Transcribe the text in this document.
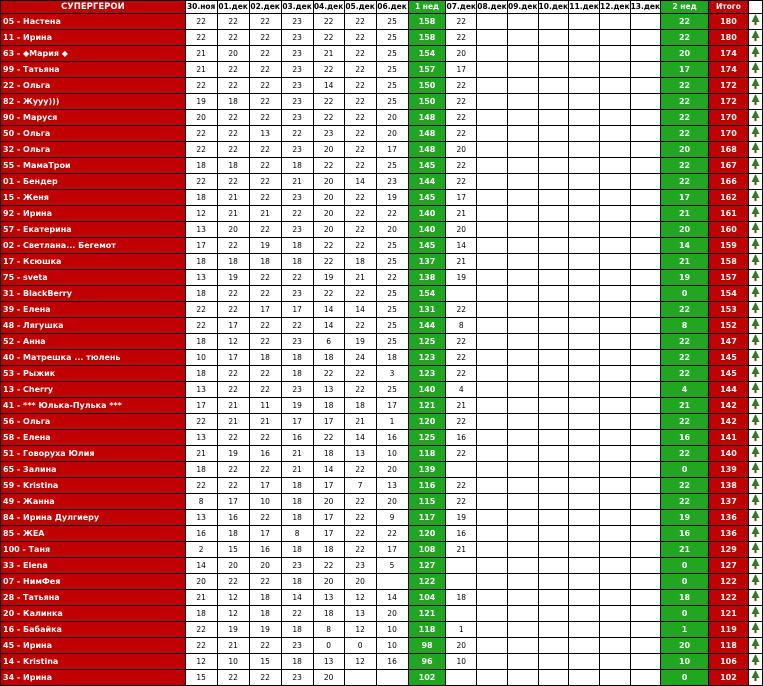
СУПЕРГЕРОИ	30.ноя	01.дек	02.дек	03.дек	04.дек	05.дек	06.дек	1 нед	07.дек	08.дек	09.дек	10.дек	11.дек	12.дек	13.дек	2 нед	Итого	
05 - Настена	22	22	22	23	22	22	25	158	22							22	180	
11 - Ирина	22	22	22	23	22	22	25	158	22							22	180	
63 - ◆Мария ◆	21	20	22	23	21	22	25	154	20							20	174	
99 - Татьяна	21	22	22	23	22	22	25	157	17							17	174	
22 - Ольга	22	22	22	23	14	22	25	150	22							22	172	
82 - Жууу)))	19	18	22	23	22	22	25	150	22							22	172	
90 - Маруся	20	22	22	23	22	22	20	148	22							22	170	
50 - Ольга	22	22	13	22	23	22	20	148	22							22	170	
32 - Ольга	22	22	22	23	20	22	17	148	20							20	168	
55 - МамаТрои	18	18	22	18	22	22	25	145	22							22	167	
01 - Бендер	22	22	22	21	20	14	23	144	22							22	166	
15 - Женя	18	21	22	23	20	22	19	145	17							17	162	
92 - Ирина	12	21	21	22	20	22	22	140	21							21	161	
57 - Екатерина	13	20	22	23	20	22	20	140	20							20	160	
02 - Светлана... Бегемот	17	22	19	18	22	22	25	145	14							14	159	
17 - Ксюшка	18	18	18	18	22	18	25	137	21							21	158	
75 - sveta	13	19	22	22	19	21	22	138	19							19	157	
31 - BlackBerry	18	22	22	23	22	22	25	154								0	154	
39 - Елена	22	22	17	17	14	14	25	131	22							22	153	
48 - Лягушка	22	17	22	22	14	22	25	144	8							8	152	
52 - Анна	18	12	22	23	6	19	25	125	22							22	147	
40 - Матрешка ... тюлень	10	17	18	18	18	24	18	123	22							22	145	
53 - Рыжик	18	22	22	18	22	22	3	123	22							22	145	
13 - Cherry	13	22	22	23	13	22	25	140	4							4	144	
41 - *** Юлька-Пулька ***	17	21	11	19	18	18	17	121	21							21	142	
56 - Ольга	22	21	21	17	17	21	1	120	22							22	142	
58 - Елена	13	22	22	16	22	14	16	125	16							16	141	
51 - Говоруха Юлия	21	19	16	21	18	13	10	118	22							22	140	
65 - Залина	18	22	22	21	14	22	20	139								0	139	
59 - Kristina	22	22	17	18	17	7	13	116	22							22	138	
49 - Жанна	8	17	10	18	20	22	20	115	22							22	137	
84 - Ирина Дулгиеру	13	16	22	18	17	22	9	117	19							19	136	
85 - ЖЕА	16	18	17	8	17	22	22	120	16							16	136	
100 - Таня	2	15	16	18	18	22	17	108	21							21	129	
33 - Elena	14	20	20	23	22	23	5	127								0	127	
07 - НимФея	20	22	22	18	20	20		122								0	122	
28 - Татьяна	21	12	18	14	13	12	14	104	18							18	122	
20 - Калинка	18	12	18	22	18	13	20	121								0	121	
16 - Бабайка	22	19	19	18	8	12	10	118	1							1	119	
45 - Ирина	22	21	22	23	0	0	10	98	20							20	118	
14 - Kristina	12	10	15	18	13	12	16	96	10							10	106	
34 - Ирина	15	22	22	23	20			102								0	102	
